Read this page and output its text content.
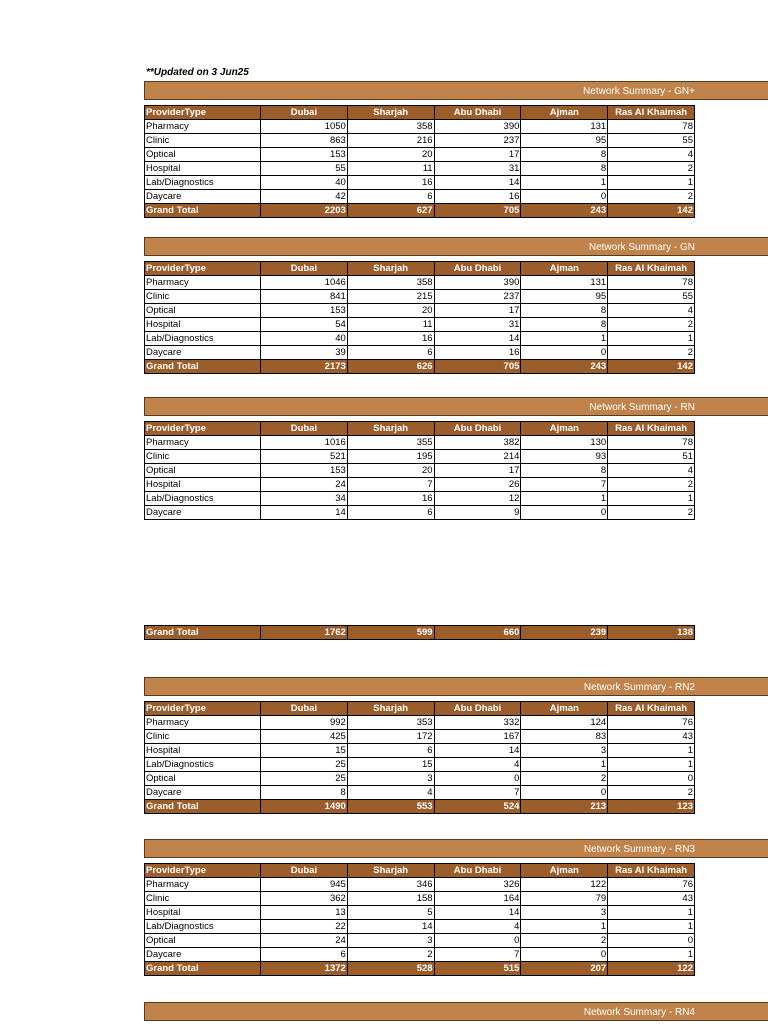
**Updated on 3 Jun25
Network Summary - GN+
ProviderType	Dubai	Sharjah	Abu Dhabi	Ajman	Ras Al Khaimah
Pharmacy	1050	358	390	131	78
Clinic	863	216	237	95	55
Optical	153	20	17	8	4
Hospital	55	11	31	8	2
Lab/Diagnostics	40	16	14	1	1
Daycare	42	6	16	0	2
Grand Total	2203	627	705	243	142
Network Summary - GN
ProviderType	Dubai	Sharjah	Abu Dhabi	Ajman	Ras Al Khaimah
Pharmacy	1046	358	390	131	78
Clinic	841	215	237	95	55
Optical	153	20	17	8	4
Hospital	54	11	31	8	2
Lab/Diagnostics	40	16	14	1	1
Daycare	39	6	16	0	2
Grand Total	2173	626	705	243	142
Network Summary - RN
ProviderType	Dubai	Sharjah	Abu Dhabi	Ajman	Ras Al Khaimah
Pharmacy	1016	355	382	130	78
Clinic	521	195	214	93	51
Optical	153	20	17	8	4
Hospital	24	7	26	7	2
Lab/Diagnostics	34	16	12	1	1
Daycare	14	6	9	0	2

Grand Total	1762	599	660	239	138
Network Summary - RN2
ProviderType	Dubai	Sharjah	Abu Dhabi	Ajman	Ras Al Khaimah
Pharmacy	992	353	332	124	76
Clinic	425	172	167	83	43
Hospital	15	6	14	3	1
Lab/Diagnostics	25	15	4	1	1
Optical	25	3	0	2	0
Daycare	8	4	7	0	2
Grand Total	1490	553	524	213	123
Network Summary - RN3
ProviderType	Dubai	Sharjah	Abu Dhabi	Ajman	Ras Al Khaimah
Pharmacy	945	346	326	122	76
Clinic	362	158	164	79	43
Hospital	13	5	14	3	1
Lab/Diagnostics	22	14	4	1	1
Optical	24	3	0	2	0
Daycare	6	2	7	0	1
Grand Total	1372	528	515	207	122
Network Summary - RN4
